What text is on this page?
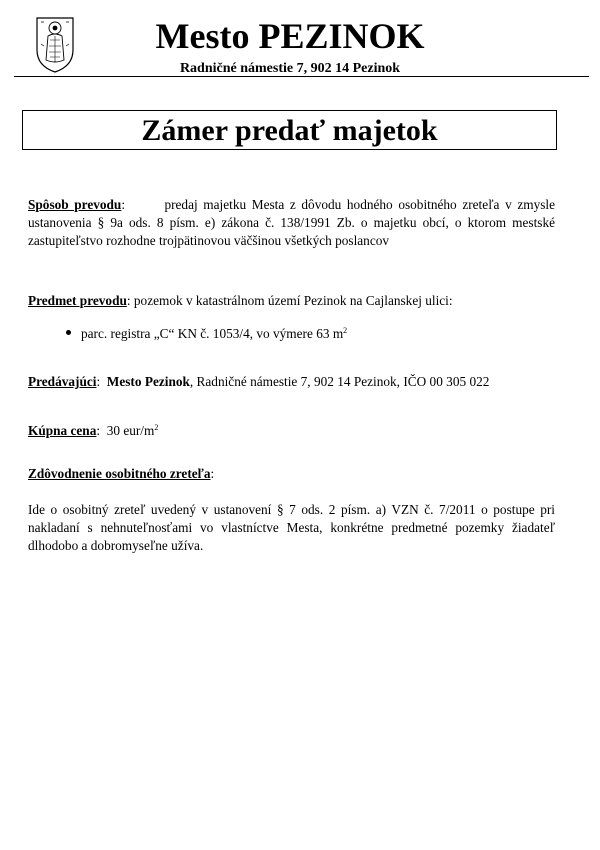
Mesto PEZINOK
Radničné námestie 7, 902 14 Pezinok
Zámer predať majetok
Spôsob prevodu:       predaj majetku Mesta z dôvodu hodného osobitného zreteľa v zmysle ustanovenia § 9a ods. 8 písm. e) zákona č. 138/1991 Zb. o majetku obcí, o ktorom mestské zastupiteľstvo rozhodne trojpätinovou väčšinou všetkých poslancov
Predmet prevodu: pozemok v katastrálnom území Pezinok na Cajlanskej ulici:
parc. registra „C“ KN č. 1053/4, vo výmere 63 $m^2$
Predávajúci:  Mesto Pezinok, Radničné námestie 7, 902 14 Pezinok, IČO 00 305 022
Kúpna cena:  30 eur/$m^2$
Zdôvodnenie osobitného zreteľa:
Ide o osobitný zreteľ uvedený v ustanovení § 7 ods. 2 písm. a) VZN č. 7/2011 o postupe pri nakladaní s nehnuteľnosťami vo vlastníctve Mesta, konkrétne predmetné pozemky žiadateľ dlhodobo a dobromyseľne užíva.
